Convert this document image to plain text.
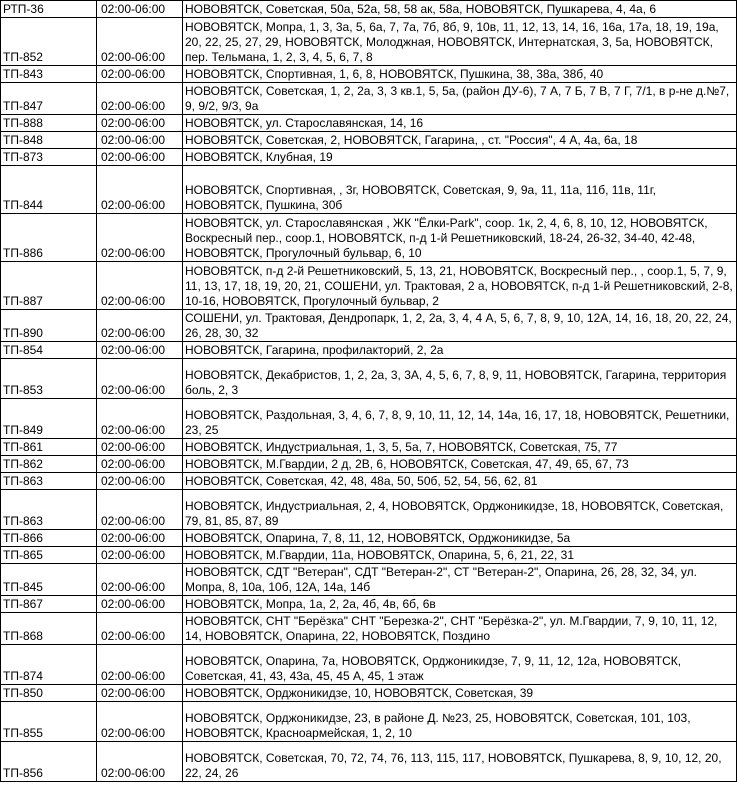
РТП-36	02:00-06:00	НОВОВЯТСК, Советская, 50а, 52а, 58, 58 ак, 58а, НОВОВЯТСК, Пушкарева, 4, 4а, 6
ТП-852	02:00-06:00	НОВОВЯТСК, Мопра, 1, 3, 3а, 5, 6а, 7, 7а, 7б, 8б, 9, 10в, 11, 12, 13, 14, 16, 16а, 17а, 18, 19, 19а, 20, 22, 25, 27, 29, НОВОВЯТСК, Молоджная, НОВОВЯТСК, Интернатская, 3, 5а, НОВОВЯТСК, пер. Тельмана, 1, 2, 3, 4, 5, 6, 7, 8
ТП-843	02:00-06:00	НОВОВЯТСК, Спортивная, 1, 6, 8, НОВОВЯТСК, Пушкина, 38, 38а, 38б, 40
ТП-847	02:00-06:00	НОВОВЯТСК, Советская, 1, 2, 2а, 3, 3 кв.1, 5, 5а, (район ДУ-6), 7 А, 7 Б, 7 В, 7 Г, 7/1, в р-не д.№7, 9, 9/2, 9/3, 9а
ТП-888	02:00-06:00	НОВОВЯТСК, ул. Старославянская, 14, 16
ТП-848	02:00-06:00	НОВОВЯТСК, Советская, 2, НОВОВЯТСК, Гагарина, , ст. "Россия", 4 А, 4а, 6а, 18
ТП-873	02:00-06:00	НОВОВЯТСК, Клубная, 19
ТП-844	02:00-06:00	НОВОВЯТСК, Спортивная, , 3г, НОВОВЯТСК, Советская, 9, 9а, 11, 11а, 11б, 11в, 11г, НОВОВЯТСК, Пушкина, 30б
ТП-886	02:00-06:00	НОВОВЯТСК, ул. Старославянская , ЖК "Ёлки-Park", соор. 1к, 2, 4, 6, 8, 10, 12, НОВОВЯТСК, Воскресный пер., соор.1, НОВОВЯТСК, п-д 1-й Решетниковский, 18-24, 26-32, 34-40, 42-48, НОВОВЯТСК, Прогулочный бульвар, 6, 10
ТП-887	02:00-06:00	НОВОВЯТСК, п-д 2-й Решетниковский, 5, 13, 21, НОВОВЯТСК, Воскресный пер., , соор.1, 5, 7, 9, 11, 13, 17, 18, 19, 20, 21, СОШЕНИ, ул. Трактовая, 2 а, НОВОВЯТСК, п-д 1-й Решетниковский, 2-8, 10-16, НОВОВЯТСК, Прогулочный бульвар, 2
ТП-890	02:00-06:00	СОШЕНИ, ул. Трактовая, Дендропарк, 1, 2, 2а, 3, 4, 4 А, 5, 6, 7, 8, 9, 10, 12А, 14, 16, 18, 20, 22, 24, 26, 28, 30, 32
ТП-854	02:00-06:00	НОВОВЯТСК, Гагарина, профилакторий, 2, 2а
ТП-853	02:00-06:00	НОВОВЯТСК, Декабристов, 1, 2, 2а, 3, 3А, 4, 5, 6, 7, 8, 9, 11, НОВОВЯТСК, Гагарина, территория боль, 2, 3
ТП-849	02:00-06:00	НОВОВЯТСК, Раздольная, 3, 4, 6, 7, 8, 9, 10, 11, 12, 14, 14а, 16, 17, 18, НОВОВЯТСК, Решетники, 23, 25
ТП-861	02:00-06:00	НОВОВЯТСК, Индустриальная, 1, 3, 5, 5а, 7, НОВОВЯТСК, Советская, 75, 77
ТП-862	02:00-06:00	НОВОВЯТСК, М.Гвардии, 2 д, 2В, 6, НОВОВЯТСК, Советская, 47, 49, 65, 67, 73
ТП-863	02:00-06:00	НОВОВЯТСК, Советская, 42, 48, 48а, 50, 50б, 52, 54, 56, 62, 81
ТП-863	02:00-06:00	НОВОВЯТСК, Индустриальная, 2, 4, НОВОВЯТСК, Орджоникидзе, 18, НОВОВЯТСК, Советская, 79, 81, 85, 87, 89
ТП-866	02:00-06:00	НОВОВЯТСК, Опарина, 7, 8, 11, 12, НОВОВЯТСК, Орджоникидзе, 5а
ТП-865	02:00-06:00	НОВОВЯТСК, М.Гвардии, 11а, НОВОВЯТСК, Опарина, 5, 6, 21, 22, 31
ТП-845	02:00-06:00	НОВОВЯТСК, СДТ "Ветеран", СДТ "Ветеран-2", СТ "Ветеран-2", Опарина, 26, 28, 32, 34, ул. Мопра, 8, 10а, 10б, 12А, 14а, 14б
ТП-867	02:00-06:00	НОВОВЯТСК, Мопра, 1а, 2, 2а, 4б, 4в, 6б, 6в
ТП-868	02:00-06:00	НОВОВЯТСК, СНТ "Берёзка" СНТ "Березка-2", СНТ "Берёзка-2", ул. М.Гвардии, 7, 9, 10, 11, 12, 14, НОВОВЯТСК, Опарина, 22, НОВОВЯТСК, Поздино
ТП-874	02:00-06:00	НОВОВЯТСК, Опарина, 7а, НОВОВЯТСК, Орджоникидзе, 7, 9, 11, 12, 12а, НОВОВЯТСК, Советская, 41, 43, 43а, 45, 45 А, 45, 1 этаж
ТП-850	02:00-06:00	НОВОВЯТСК, Орджоникидзе, 10, НОВОВЯТСК, Советская, 39
ТП-855	02:00-06:00	НОВОВЯТСК, Орджоникидзе, 23, в районе Д. №23, 25, НОВОВЯТСК, Советская, 101, 103, НОВОВЯТСК, Красноармейская, 1, 2, 10
ТП-856	02:00-06:00	НОВОВЯТСК, Советская, 70, 72, 74, 76, 113, 115, 117, НОВОВЯТСК, Пушкарева, 8, 9, 10, 12, 20, 22, 24, 26
